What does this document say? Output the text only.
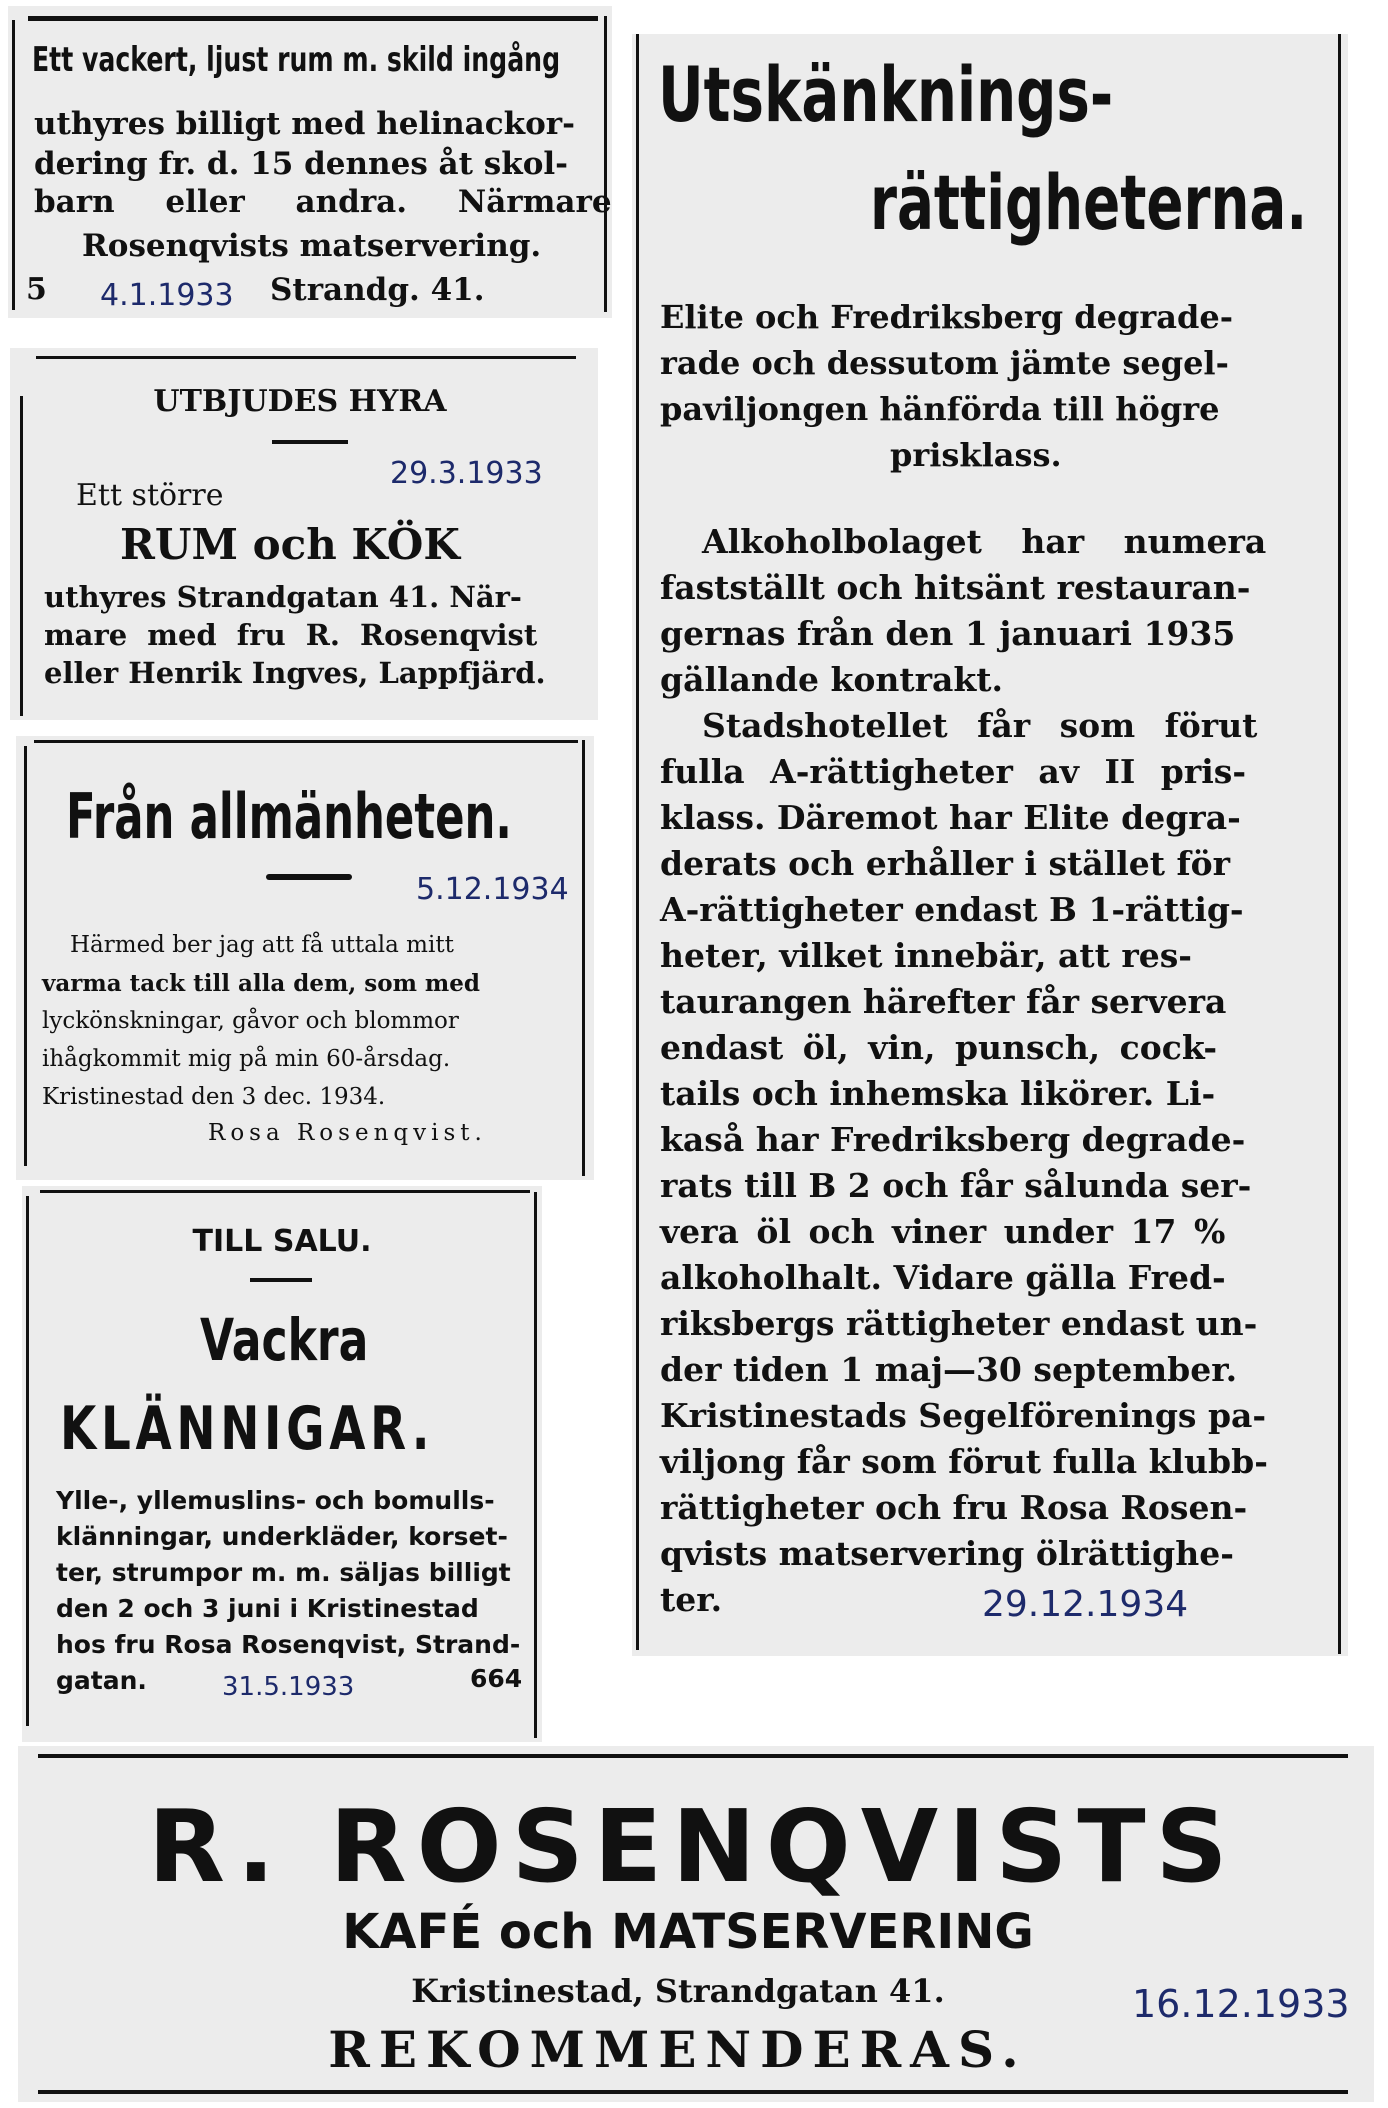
Ett vackert, ljust rum m. skild ingång
uthyres billigt med helinackor-
dering fr. d. 15 dennes åt skol-
barn eller andra. Närmare
Rosenqvists matservering.
5 4.1.1933 Strandg. 41.
UTBJUDES HYRA
29.3.1933
Ett större
RUM och KÖK
uthyres Strandgatan 41. När-
mare med fru R. Rosenqvist
eller Henrik Ingves, Lappfjärd.
Från allmänheten.
5.12.1934
Härmed ber jag att få uttala mitt
varma tack till alla dem, som med
lyckönskningar, gåvor och blommor
ihågkommit mig på min 60-årsdag.
Kristinestad den 3 dec. 1934.
Rosa Rosenqvist.
TILL SALU.
Vackra
KLÄNNIGAR.
Ylle-, yllemuslins- och bomulls-
klänningar, underkläder, korset-
ter, strumpor m. m. säljas billigt
den 2 och 3 juni i Kristinestad
hos fru Rosa Rosenqvist, Strand-
gatan.	31.5.1933	664
Utskänknings-
rättigheterna.
Elite och Fredriksberg degrade-
rade och dessutom jämte segel-
paviljongen hänförda till högre
prisklass.
Alkoholbolaget har numera
fastställt och hitsänt restauran-
gernas från den 1 januari 1935
gällande kontrakt.
Stadshotellet får som förut
fulla A-rättigheter av II pris-
klass. Däremot har Elite degra-
derats och erhåller i stället för
A-rättigheter endast B 1-rättig-
heter, vilket innebär, att res-
taurangen härefter får servera
endast öl, vin, punsch, cock-
tails och inhemska likörer. Li-
kaså har Fredriksberg degrade-
rats till B 2 och får sålunda ser-
vera öl och viner under 17 %
alkoholhalt. Vidare gälla Fred-
riksbergs rättigheter endast un-
der tiden 1 maj—30 september.
Kristinestads Segelförenings pa-
viljong får som förut fulla klubb-
rättigheter och fru Rosa Rosen-
qvists matservering ölrättighe-
ter.	29.12.1934
R. ROSENQVISTS
KAFÉ och MATSERVERING
Kristinestad, Strandgatan 41.	16.12.1933
REKOMMENDERAS.
